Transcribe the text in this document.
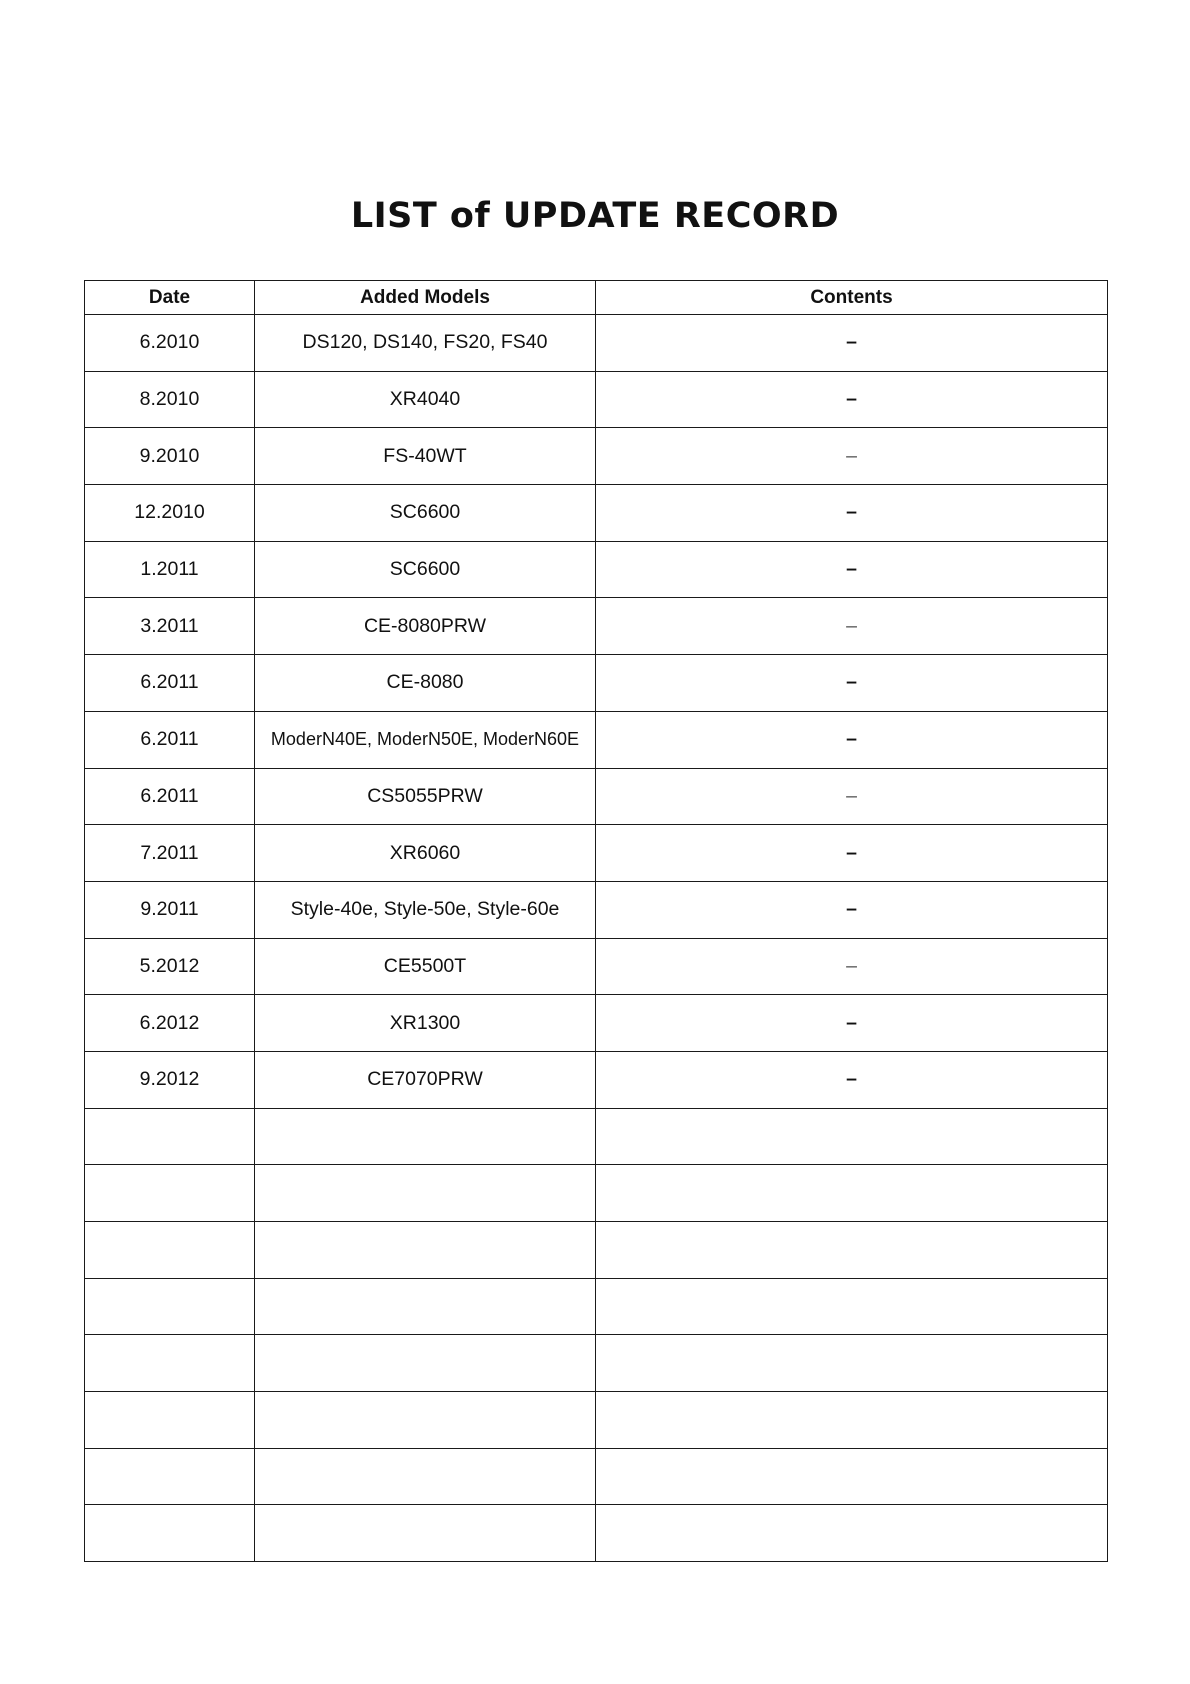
LIST of UPDATE RECORD
Date	Added Models	Contents
6.2010	DS120, DS140, FS20, FS40	–
8.2010	XR4040	–
9.2010	FS-40WT	–
12.2010	SC6600	–
1.2011	SC6600	–
3.2011	CE-8080PRW	–
6.2011	CE-8080	–
6.2011	ModerN40E, ModerN50E, ModerN60E	–
6.2011	CS5055PRW	–
7.2011	XR6060	–
9.2011	Style-40e, Style-50e, Style-60e	–
5.2012	CE5500T	–
6.2012	XR1300	–
9.2012	CE7070PRW	–
